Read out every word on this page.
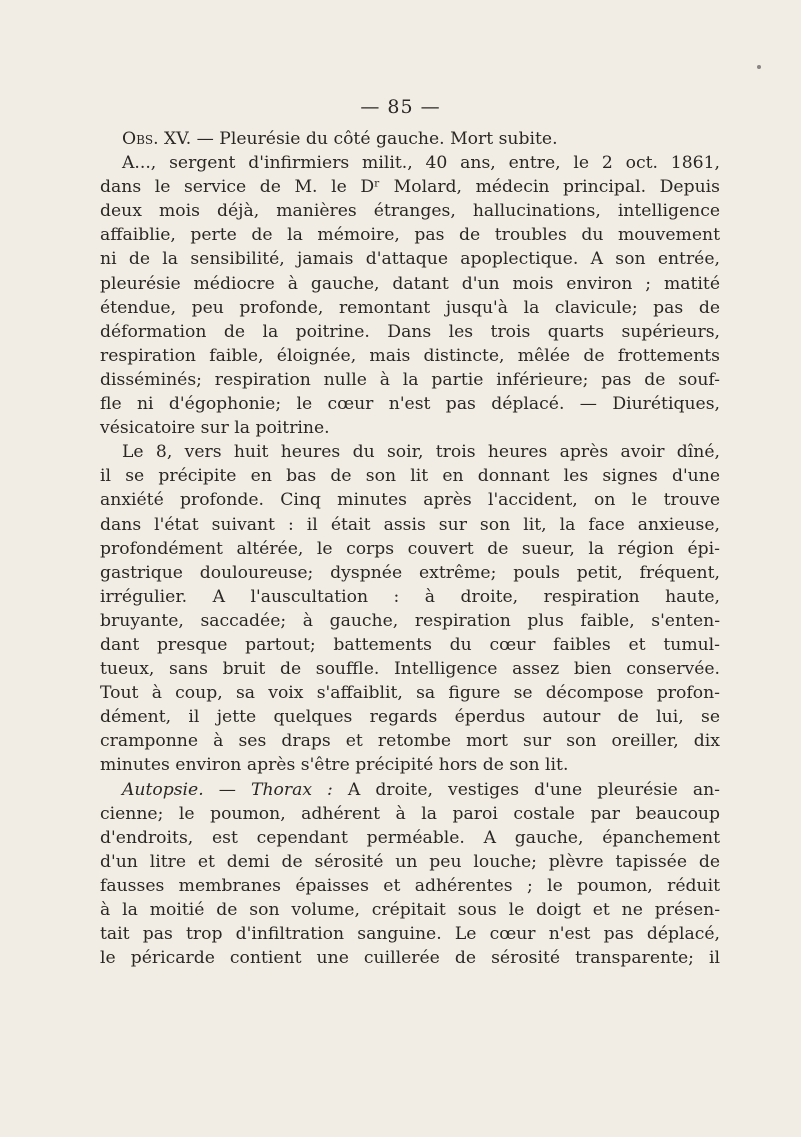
— 85 —
Obs. XV. — Pleurésie du côté gauche. Mort subite.
A..., sergent d'infirmiers milit., 40 ans, entre, le 2 oct. 1861,
dans le service de M. le Dʳ Molard, médecin principal. Depuis
deux mois déjà, manières étranges, hallucinations, intelligence
affaiblie, perte de la mémoire, pas de troubles du mouvement
ni de la sensibilité, jamais d'attaque apoplectique. A son entrée,
pleurésie médiocre à gauche, datant d'un mois environ ; matité
étendue, peu profonde, remontant jusqu'à la clavicule; pas de
déformation de la poitrine. Dans les trois quarts supérieurs,
respiration faible, éloignée, mais distincte, mêlée de frottements
disséminés; respiration nulle à la partie inférieure; pas de souf-
fle ni d'égophonie; le cœur n'est pas déplacé. — Diurétiques,
vésicatoire sur la poitrine.
Le 8, vers huit heures du soir, trois heures après avoir dîné,
il se précipite en bas de son lit en donnant les signes d'une
anxiété profonde. Cinq minutes après l'accident, on le trouve
dans l'état suivant : il était assis sur son lit, la face anxieuse,
profondément altérée, le corps couvert de sueur, la région épi-
gastrique douloureuse; dyspnée extrême; pouls petit, fréquent,
irrégulier. A l'auscultation : à droite, respiration haute,
bruyante, saccadée; à gauche, respiration plus faible, s'enten-
dant presque partout; battements du cœur faibles et tumul-
tueux, sans bruit de souffle. Intelligence assez bien conservée.
Tout à coup, sa voix s'affaiblit, sa figure se décompose profon-
dément, il jette quelques regards éperdus autour de lui, se
cramponne à ses draps et retombe mort sur son oreiller, dix
minutes environ après s'être précipité hors de son lit.
Autopsie. — Thorax : A droite, vestiges d'une pleurésie an-
cienne; le poumon, adhérent à la paroi costale par beaucoup
d'endroits, est cependant perméable. A gauche, épanchement
d'un litre et demi de sérosité un peu louche; plèvre tapissée de
fausses membranes épaisses et adhérentes ; le poumon, réduit
à la moitié de son volume, crépitait sous le doigt et ne présen-
tait pas trop d'infiltration sanguine. Le cœur n'est pas déplacé,
le péricarde contient une cuillerée de sérosité transparente; il
